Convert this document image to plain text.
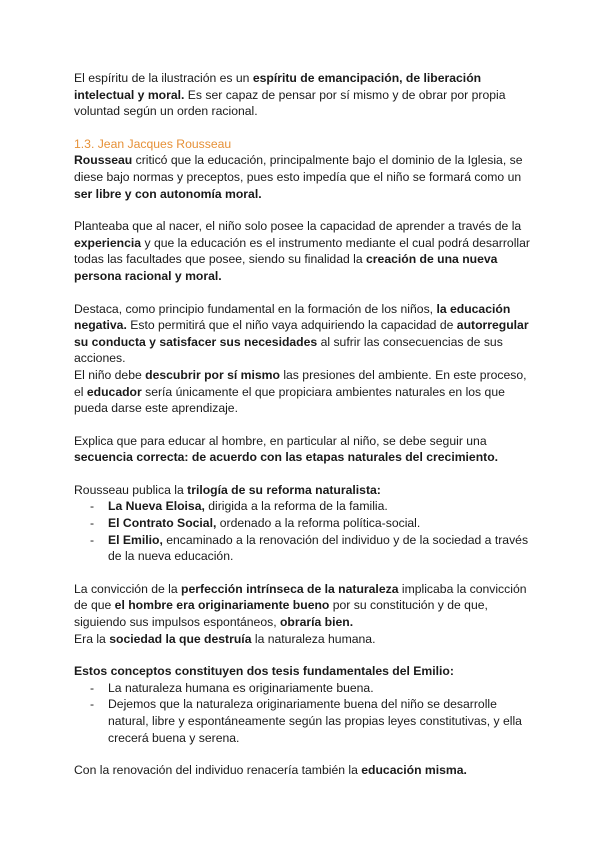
El espíritu de la ilustración es un espíritu de emancipación, de liberación intelectual y moral. Es ser capaz de pensar por sí mismo y de obrar por propia voluntad según un orden racional.

1.3. Jean Jacques Rousseau

Rousseau criticó que la educación, principalmente bajo el dominio de la Iglesia, se diese bajo normas y preceptos, pues esto impedía que el niño se formará como un ser libre y con autonomía moral.

Planteaba que al nacer, el niño solo posee la capacidad de aprender a través de la experiencia y que la educación es el instrumento mediante el cual podrá desarrollar todas las facultades que posee, siendo su finalidad la creación de una nueva persona racional y moral.

Destaca, como principio fundamental en la formación de los niños, la educación negativa. Esto permitirá que el niño vaya adquiriendo la capacidad de autorregular su conducta y satisfacer sus necesidades al sufrir las consecuencias de sus acciones.

El niño debe descubrir por sí mismo las presiones del ambiente. En este proceso, el educador sería únicamente el que propiciara ambientes naturales en los que pueda darse este aprendizaje.

Explica que para educar al hombre, en particular al niño, se debe seguir una secuencia correcta: de acuerdo con las etapas naturales del crecimiento.

Rousseau publica la trilogía de su reforma naturalista:

- La Nueva Eloisa, dirigida a la reforma de la familia.
- El Contrato Social, ordenado a la reforma política-social.
- El Emilio, encaminado a la renovación del individuo y de la sociedad a través de la nueva educación.

La convicción de la perfección intrínseca de la naturaleza implicaba la convicción de que el hombre era originariamente bueno por su constitución y de que, siguiendo sus impulsos espontáneos, obraría bien.

Era la sociedad la que destruía la naturaleza humana.

Estos conceptos constituyen dos tesis fundamentales del Emilio:

- La naturaleza humana es originariamente buena.
- Dejemos que la naturaleza originariamente buena del niño se desarrolle natural, libre y espontáneamente según las propias leyes constitutivas, y ella crecerá buena y serena.

Con la renovación del individuo renacería también la educación misma.
